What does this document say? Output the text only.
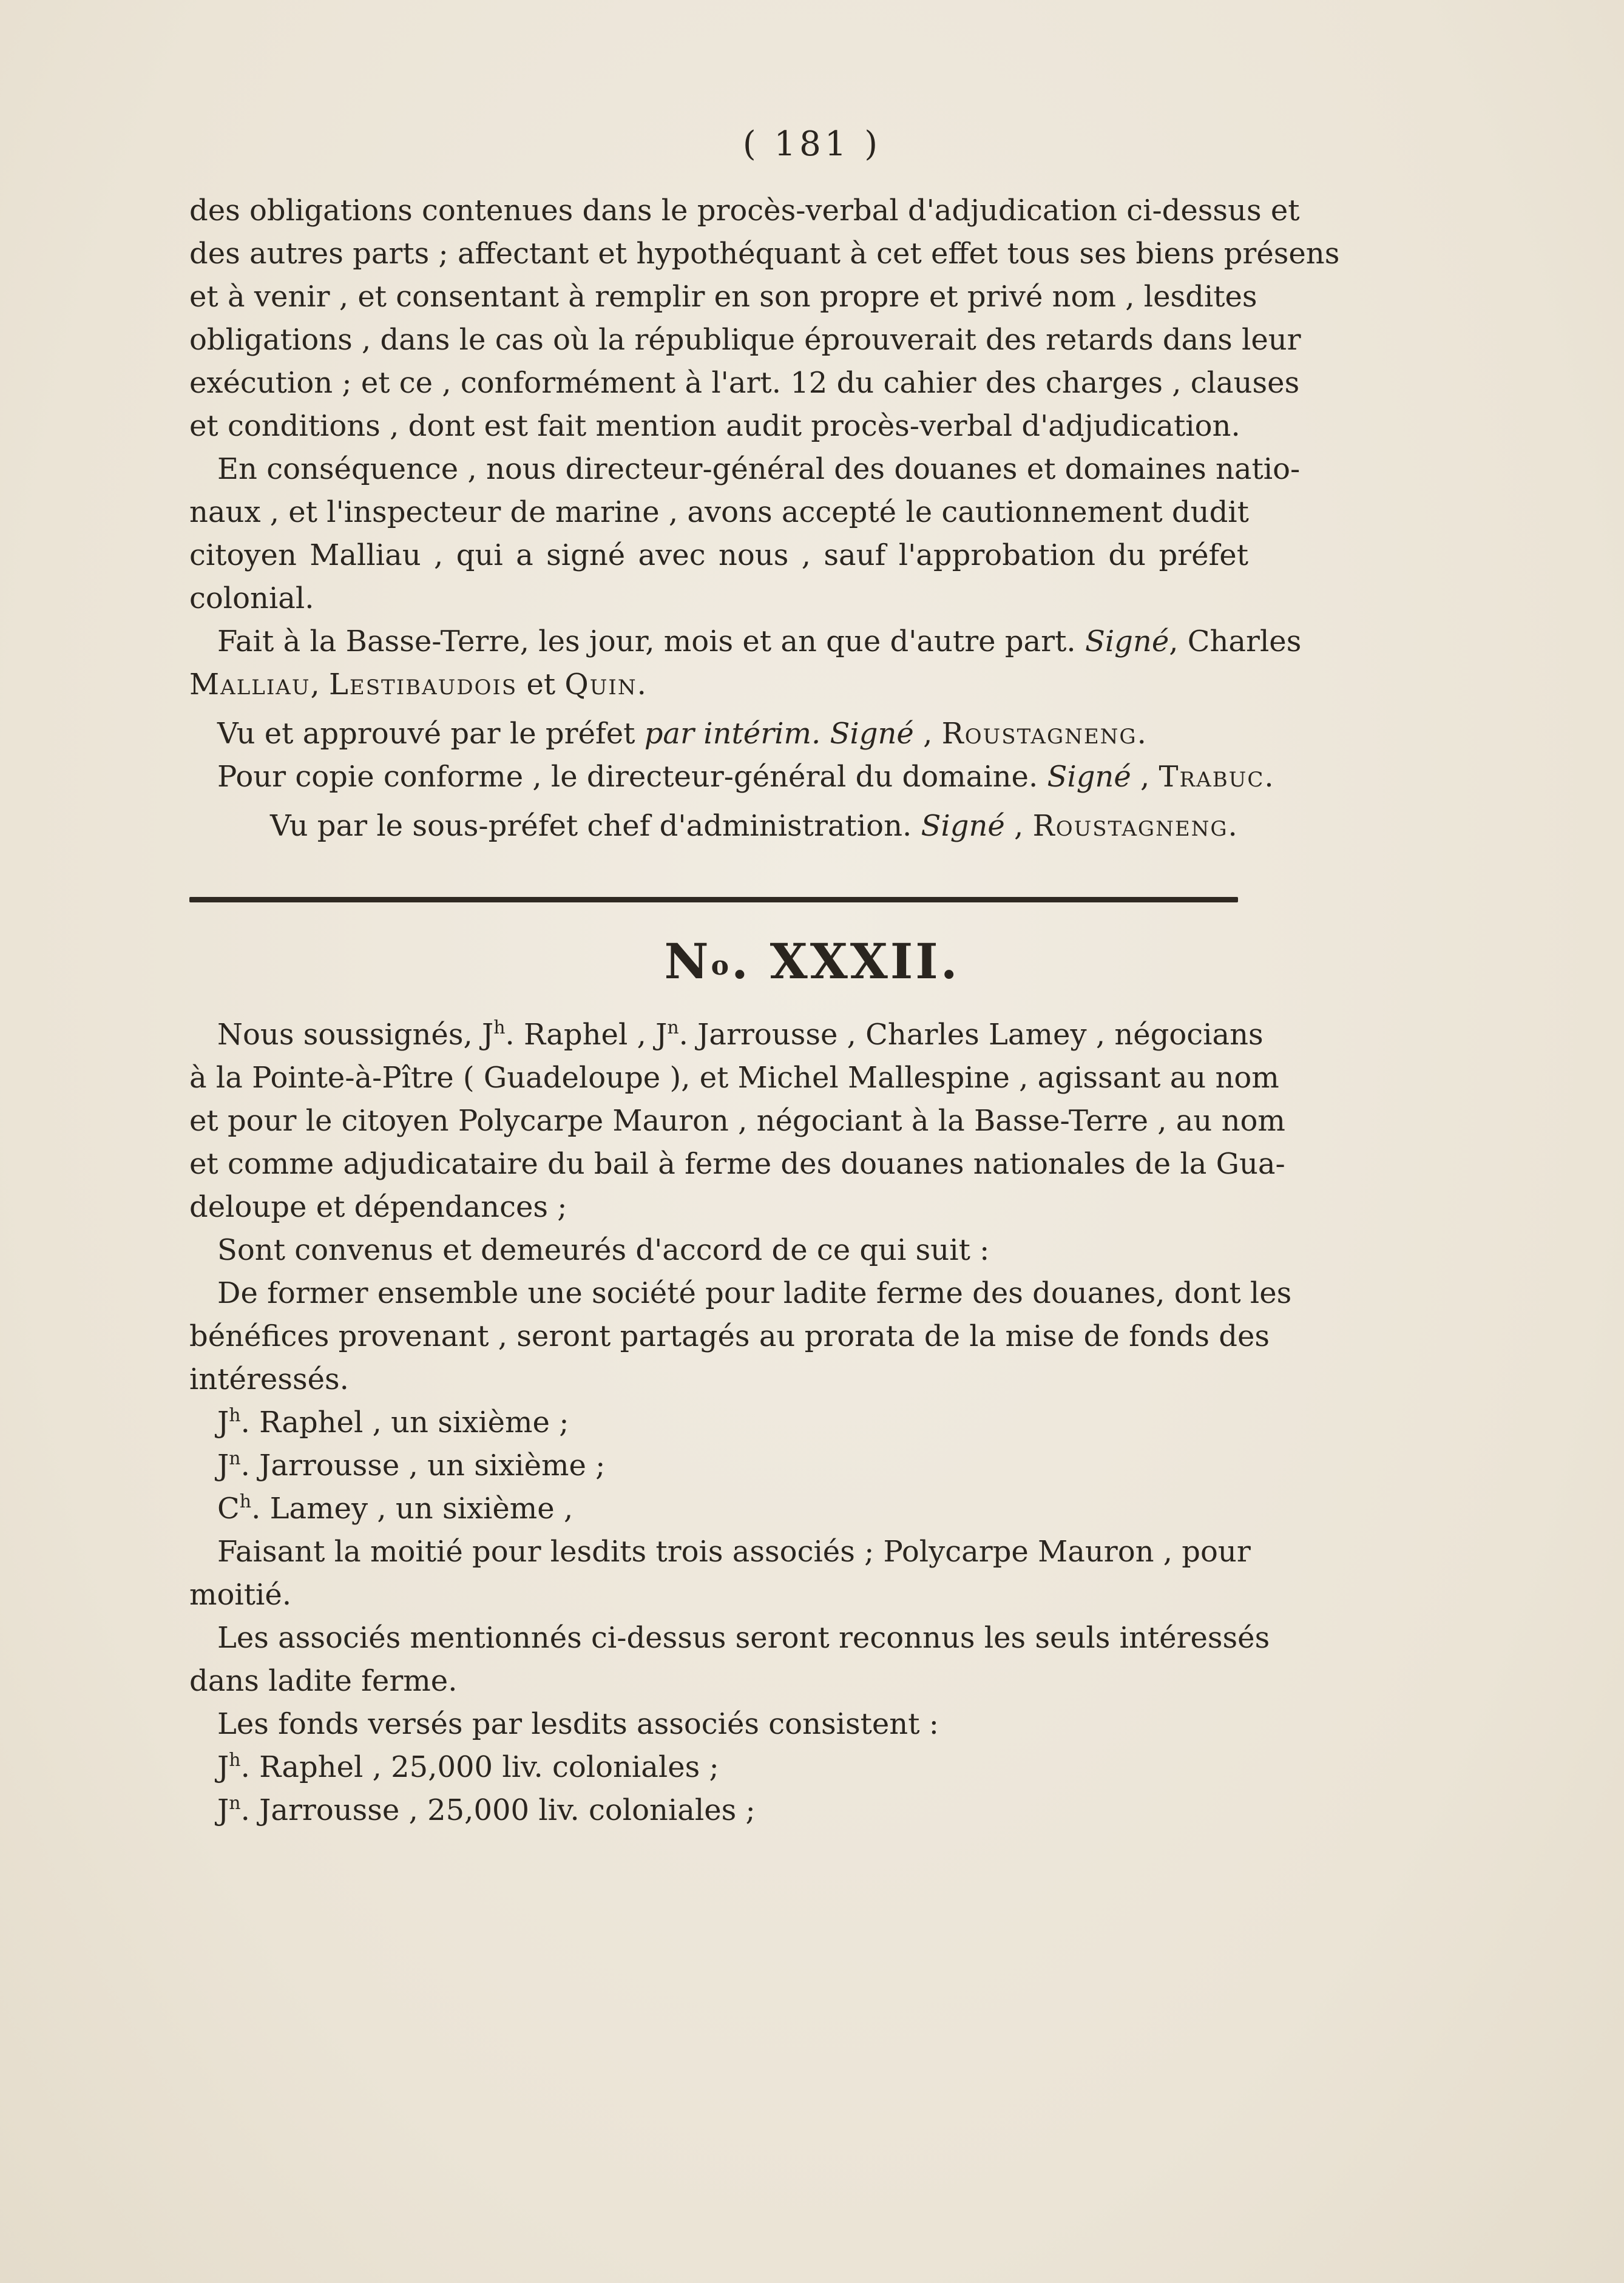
( 181 )
des obligations contenues dans le procès-verbal d'adjudication ci-dessus et
des autres parts ; affectant et hypothéquant à cet effet tous ses biens présens
et à venir , et consentant à remplir en son propre et privé nom , lesdites
obligations , dans le cas où la république éprouverait des retards dans leur
exécution ; et ce , conformément à l'art. 12 du cahier des charges , clauses
et conditions , dont est fait mention audit procès-verbal d'adjudication.
En conséquence , nous directeur-général des douanes et domaines natio-
naux , et l'inspecteur de marine , avons accepté le cautionnement dudit
citoyen Malliau , qui a signé avec nous , sauf l'approbation du préfet
colonial.
Fait à la Basse-Terre, les jour, mois et an que d'autre part. Signé, Charles
Malliau, Lestibaudois et Quin.
Vu et approuvé par le préfet par intérim. Signé , Roustagneng.
Pour copie conforme , le directeur-général du domaine. Signé , Trabuc.
Vu par le sous-préfet chef d'administration. Signé , Roustagneng.
$N^o$. XXXII.
Nous soussignés, $J^h$. Raphel , $J^n$. Jarrousse , Charles Lamey , négocians
à la Pointe-à-Pître ( Guadeloupe ), et Michel Mallespine , agissant au nom
et pour le citoyen Polycarpe Mauron , négociant à la Basse-Terre , au nom
et comme adjudicataire du bail à ferme des douanes nationales de la Gua-
deloupe et dépendances ;
Sont convenus et demeurés d'accord de ce qui suit :
De former ensemble une société pour ladite ferme des douanes, dont les
bénéfices provenant , seront partagés au prorata de la mise de fonds des
intéressés.
$J^h$. Raphel , un sixième ;
$J^n$. Jarrousse , un sixième ;
$C^h$. Lamey , un sixième ,
Faisant la moitié pour lesdits trois associés ; Polycarpe Mauron , pour
moitié.
Les associés mentionnés ci-dessus seront reconnus les seuls intéressés
dans ladite ferme.
Les fonds versés par lesdits associés consistent :
$J^h$. Raphel , 25,000 liv. coloniales ;
$J^n$. Jarrousse , 25,000 liv. coloniales ;
